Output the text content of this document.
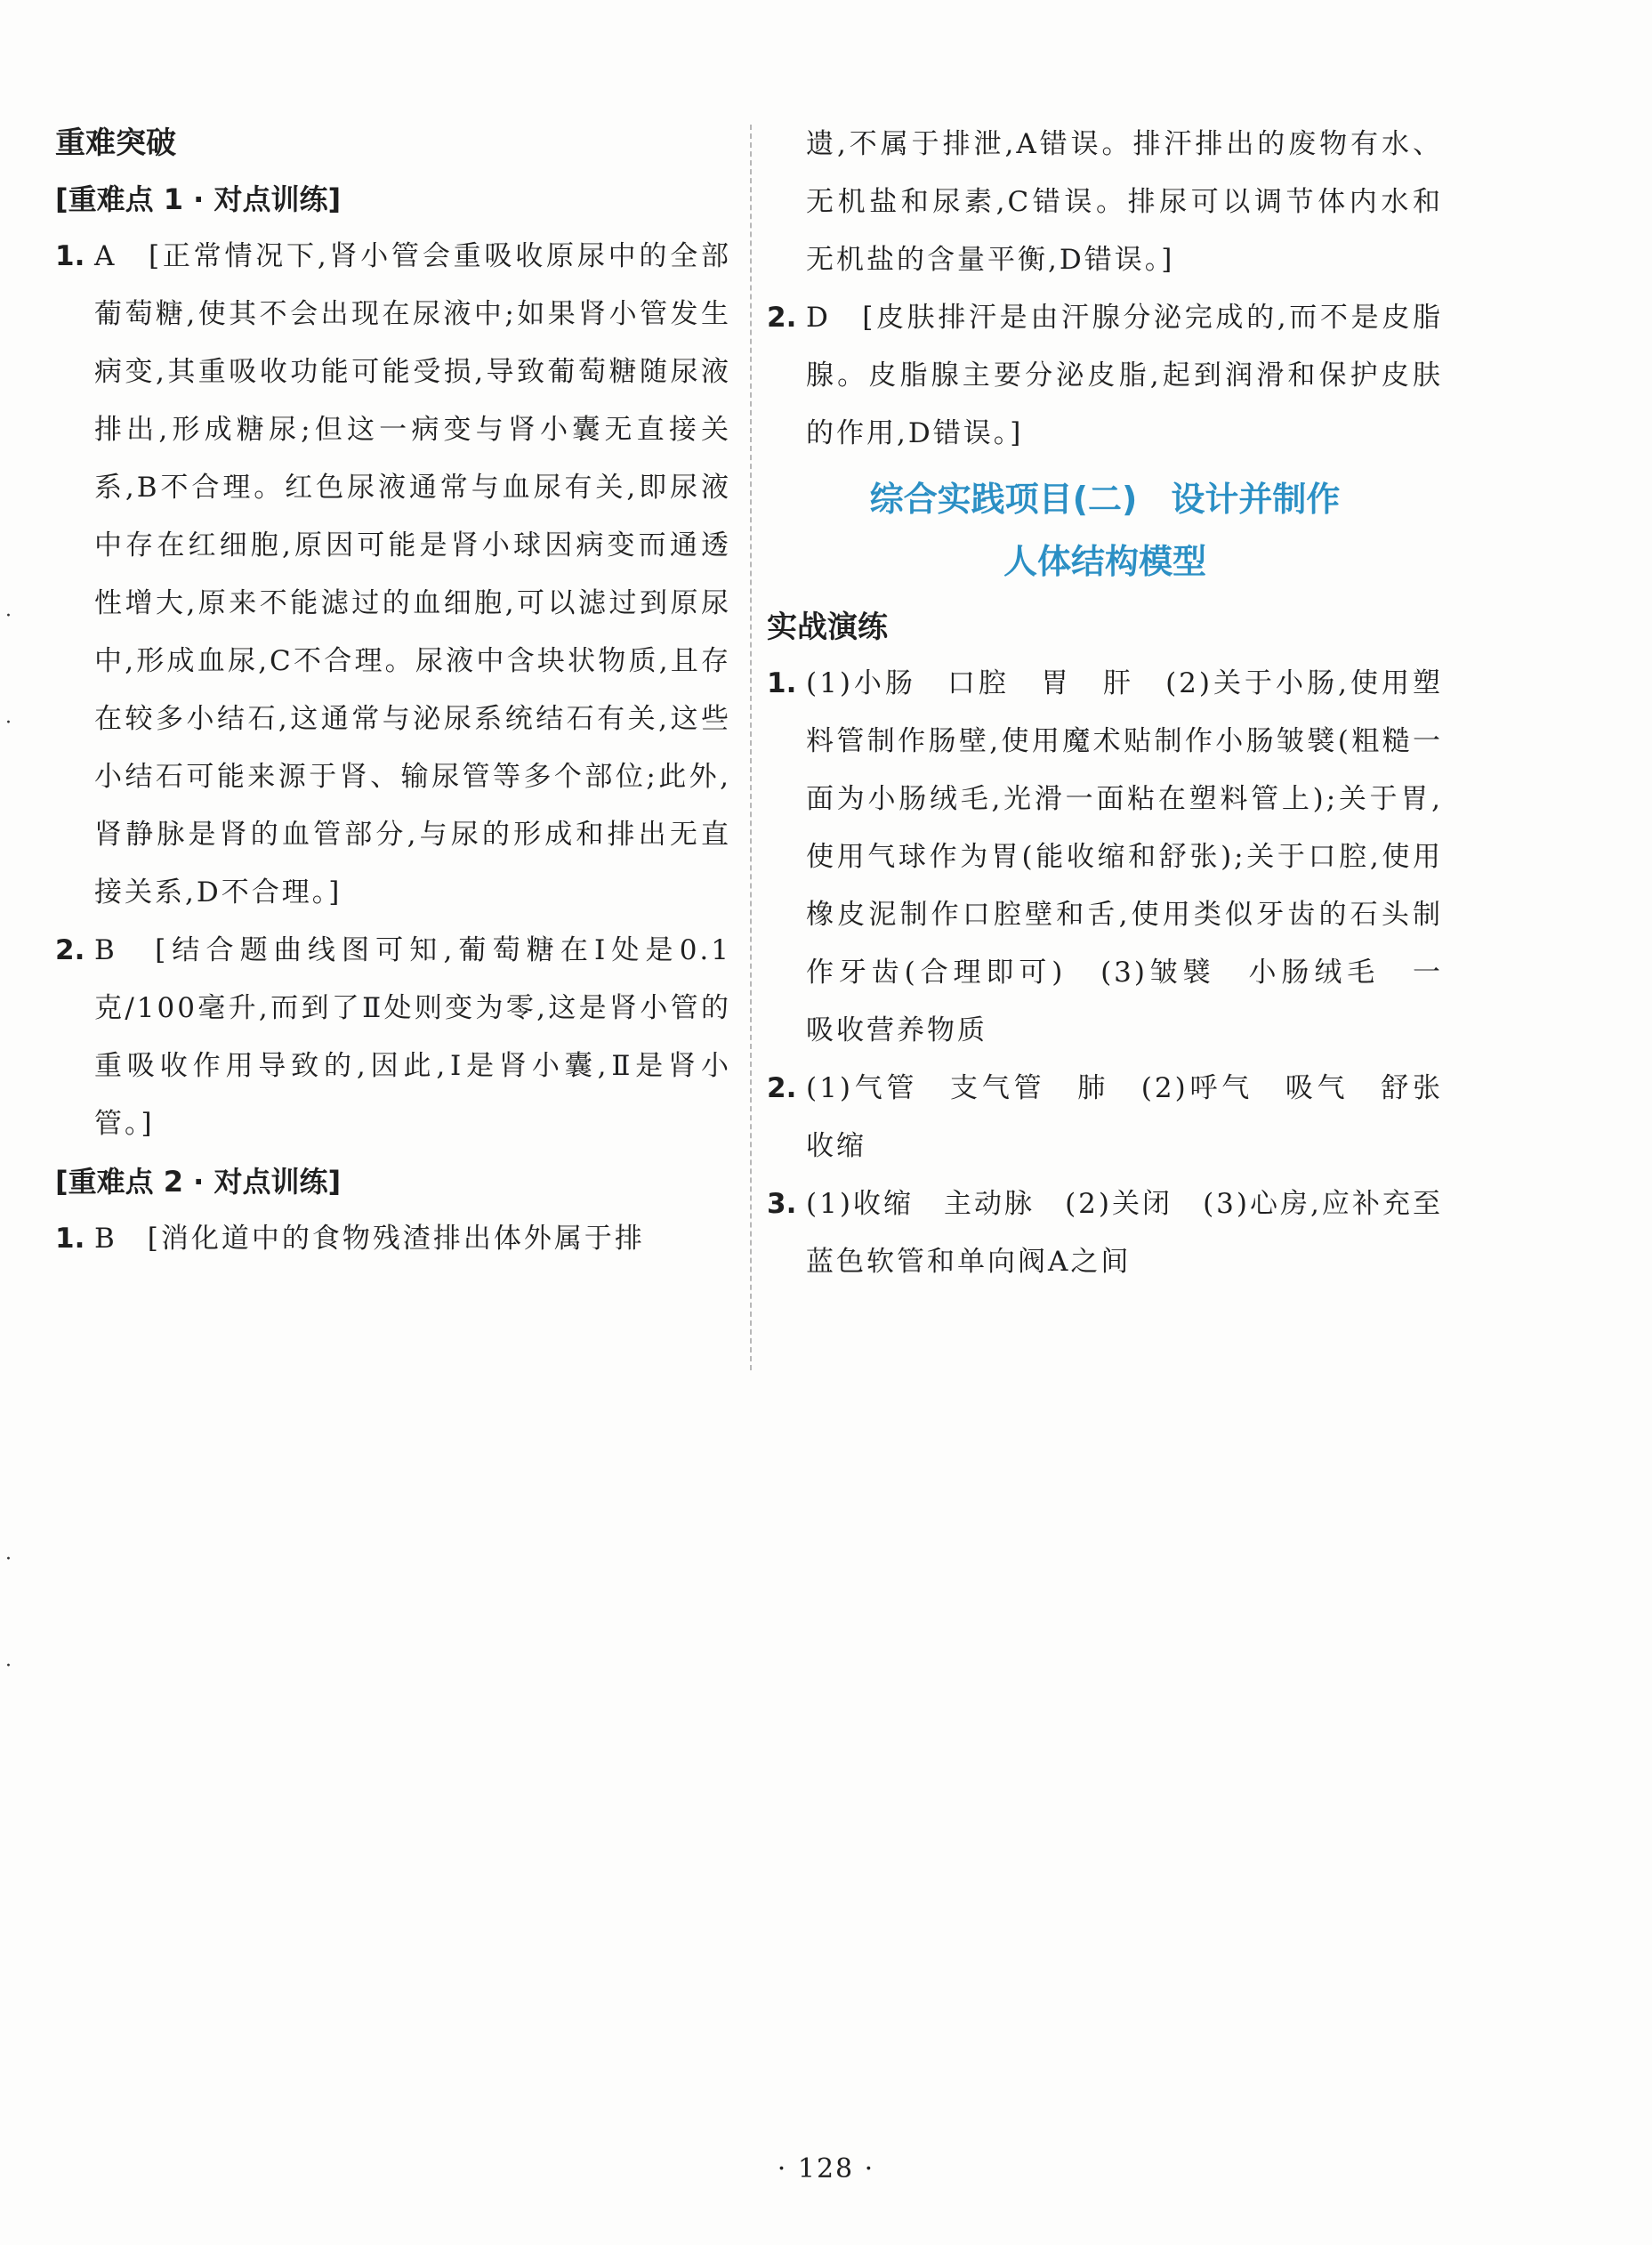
重难突破

[重难点 1 · 对点训练]

1. A　[正常情况下,肾小管会重吸收原尿中的全部葡萄糖,使其不会出现在尿液中;如果肾小管发生病变,其重吸收功能可能受损,导致葡萄糖随尿液排出,形成糖尿;但这一病变与肾小囊无直接关系,B不合理。红色尿液通常与血尿有关,即尿液中存在红细胞,原因可能是肾小球因病变而通透性增大,原来不能滤过的血细胞,可以滤过到原尿中,形成血尿,C不合理。尿液中含块状物质,且存在较多小结石,这通常与泌尿系统结石有关,这些小结石可能来源于肾、输尿管等多个部位;此外,肾静脉是肾的血管部分,与尿的形成和排出无直接关系,D不合理。]

2. B　[结合题曲线图可知,葡萄糖在Ⅰ处是0.1克/100毫升,而到了Ⅱ处则变为零,这是肾小管的重吸收作用导致的,因此,Ⅰ是肾小囊,Ⅱ是肾小管。]

[重难点 2 · 对点训练]

1. B　[消化道中的食物残渣排出体外属于排

遗,不属于排泄,A错误。排汗排出的废物有水、无机盐和尿素,C错误。排尿可以调节体内水和无机盐的含量平衡,D错误。]

2. D　[皮肤排汗是由汗腺分泌完成的,而不是皮脂腺。皮脂腺主要分泌皮脂,起到润滑和保护皮肤的作用,D错误。]

综合实践项目(二)　设计并制作
人体结构模型

实战演练

1. (1)小肠　口腔　胃　肝　(2)关于小肠,使用塑料管制作肠壁,使用魔术贴制作小肠皱襞(粗糙一面为小肠绒毛,光滑一面粘在塑料管上);关于胃,使用气球作为胃(能收缩和舒张);关于口腔,使用橡皮泥制作口腔壁和舌,使用类似牙齿的石头制作牙齿(合理即可)　(3)皱襞　小肠绒毛　一　吸收营养物质

2. (1)气管　支气管　肺　(2)呼气　吸气　舒张　收缩

3. (1)收缩　主动脉　(2)关闭　(3)心房,应补充至蓝色软管和单向阀A之间

·
·
·
·
· 128 ·
